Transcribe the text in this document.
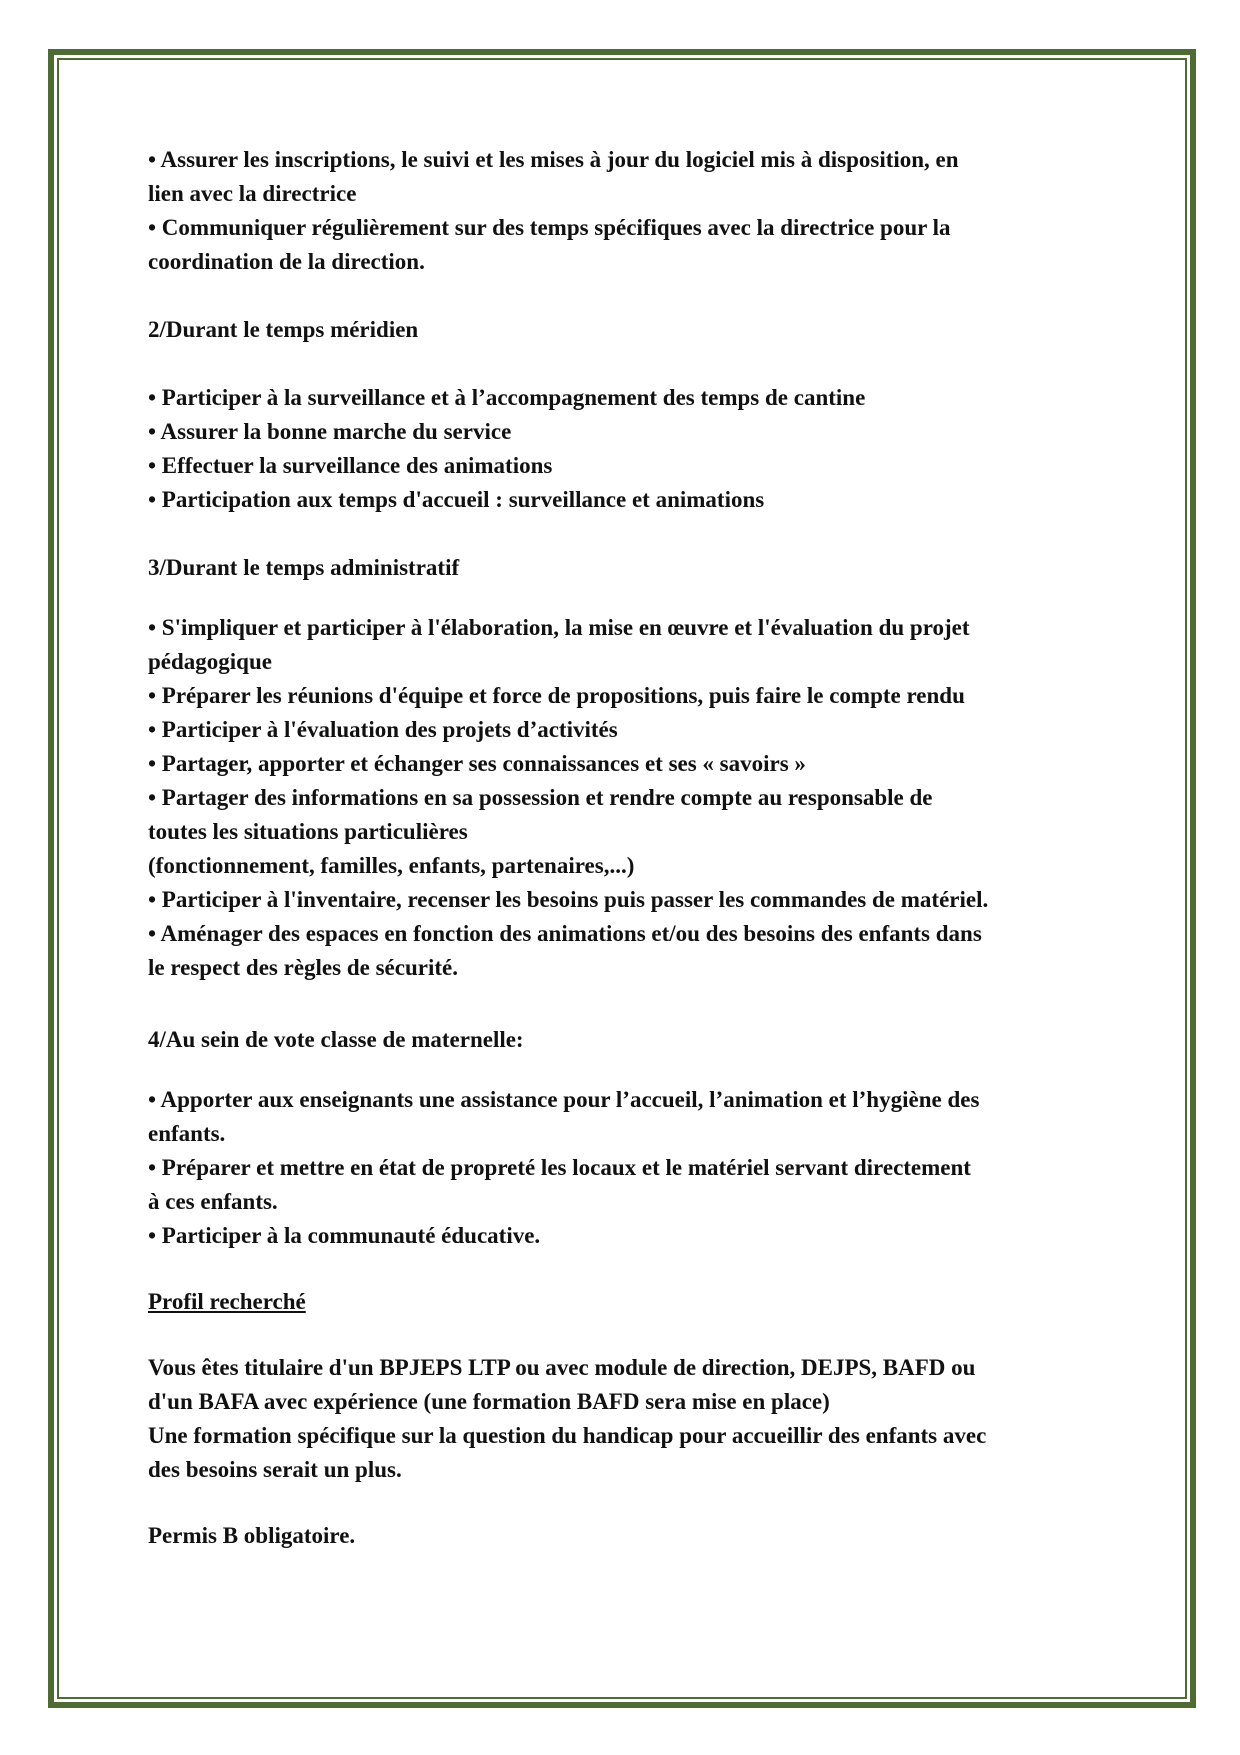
• Assurer les inscriptions, le suivi et les mises à jour du logiciel mis à disposition, en

lien avec la directrice

• Communiquer régulièrement sur des temps spécifiques avec la directrice pour la

coordination de la direction.

2/Durant le temps méridien

• Participer à la surveillance et à l’accompagnement des temps de cantine

• Assurer la bonne marche du service

• Effectuer la surveillance des animations

• Participation aux temps d'accueil : surveillance et animations

3/Durant le temps administratif

• S'impliquer et participer à l'élaboration, la mise en œuvre et l'évaluation du projet

pédagogique

• Préparer les réunions d'équipe et force de propositions, puis faire le compte rendu

• Participer à l'évaluation des projets d’activités

• Partager, apporter et échanger ses connaissances et ses « savoirs »

• Partager des informations en sa possession et rendre compte au responsable de

toutes les situations particulières

(fonctionnement, familles, enfants, partenaires,...)

• Participer à l'inventaire, recenser les besoins puis passer les commandes de matériel.

• Aménager des espaces en fonction des animations et/ou des besoins des enfants dans

le respect des règles de sécurité.

4/Au sein de vote classe de maternelle:

• Apporter aux enseignants une assistance pour l’accueil, l’animation et l’hygiène des

enfants.

• Préparer et mettre en état de propreté les locaux et le matériel servant directement

à ces enfants.

• Participer à la communauté éducative.

Profil recherché

Vous êtes titulaire d'un BPJEPS LTP ou avec module de direction, DEJPS, BAFD ou

d'un BAFA avec expérience (une formation BAFD sera mise en place)

Une formation spécifique sur la question du handicap pour accueillir des enfants avec

des besoins serait un plus.

Permis B obligatoire.
